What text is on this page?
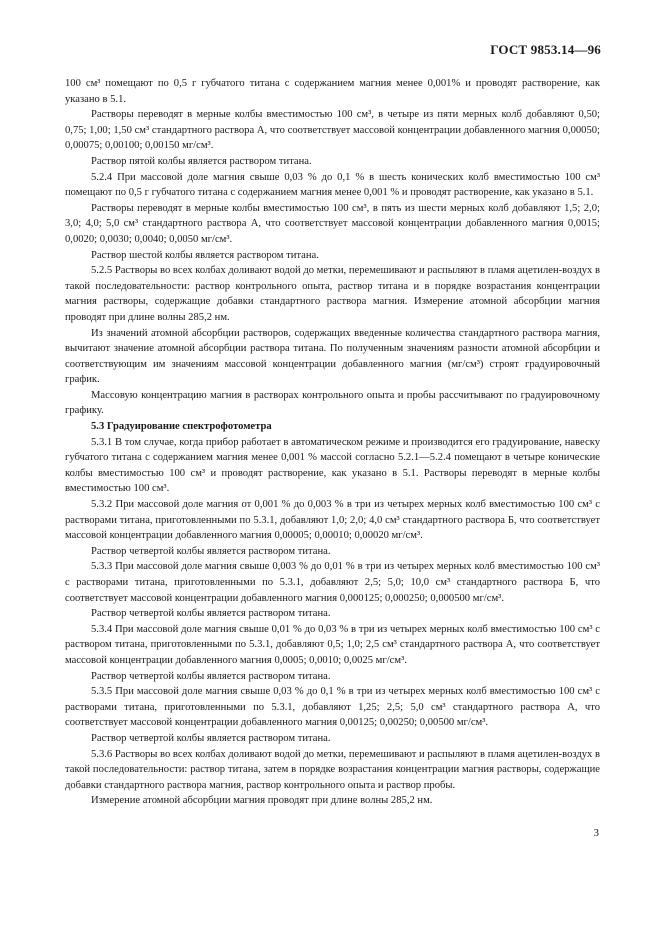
ГОСТ 9853.14—96

100 см³ помещают по 0,5 г губчатого титана с содержанием магния менее 0,001% и проводят растворение, как указано в 5.1.

Растворы переводят в мерные колбы вместимостью 100 см³, в четыре из пяти мерных колб добавляют 0,50; 0,75; 1,00; 1,50 см³ стандартного раствора А, что соответствует массовой концентрации добавленного магния 0,00050; 0,00075; 0,00100; 0,00150 мг/см³.

Раствор пятой колбы является раствором титана.

5.2.4 При массовой доле магния свыше 0,03 % до 0,1 % в шесть конических колб вместимостью 100 см³ помещают по 0,5 г губчатого титана с содержанием магния менее 0,001 % и проводят растворение, как указано в 5.1.

Растворы переводят в мерные колбы вместимостью 100 см³, в пять из шести мерных колб добавляют 1,5; 2,0; 3,0; 4,0; 5,0 см³ стандартного раствора А, что соответствует массовой концентрации добавленного магния 0,0015; 0,0020; 0,0030; 0,0040; 0,0050 мг/см³.

Раствор шестой колбы является раствором титана.

5.2.5 Растворы во всех колбах доливают водой до метки, перемешивают и распыляют в пламя ацетилен-воздух в такой последовательности: раствор контрольного опыта, раствор титана и в порядке возрастания концентрации магния растворы, содержащие добавки стандартного раствора магния. Измерение атомной абсорбции магния проводят при длине волны 285,2 нм.

Из значений атомной абсорбции растворов, содержащих введенные количества стандартного раствора магния, вычитают значение атомной абсорбции раствора титана. По полученным значениям разности атомной абсорбции и соответствующим им значениям массовой концентрации добавленного магния (мг/см³) строят градуировочный график.

Массовую концентрацию магния в растворах контрольного опыта и пробы рассчитывают по градуировочному графику.

5.3 Градуирование спектрофотометра

5.3.1 В том случае, когда прибор работает в автоматическом режиме и производится его градуирование, навеску губчатого титана с содержанием магния менее 0,001 % массой согласно 5.2.1—5.2.4 помещают в четыре конические колбы вместимостью 100 см³ и проводят растворение, как указано в 5.1. Растворы переводят в мерные колбы вместимостью 100 см³.

5.3.2 При массовой доле магния от 0,001 % до 0,003 % в три из четырех мерных колб вместимостью 100 см³ с растворами титана, приготовленными по 5.3.1, добавляют 1,0; 2,0; 4,0 см³ стандартного раствора Б, что соответствует массовой концентрации добавленного магния 0,00005; 0,00010; 0,00020 мг/см³.

Раствор четвертой колбы является раствором титана.

5.3.3 При массовой доле магния свыше 0,003 % до 0,01 % в три из четырех мерных колб вместимостью 100 см³ с растворами титана, приготовленными по 5.3.1, добавляют 2,5; 5,0; 10,0 см³ стандартного раствора Б, что соответствует массовой концентрации добавленного магния 0,000125; 0,000250; 0,000500 мг/см³.

Раствор четвертой колбы является раствором титана.

5.3.4 При массовой доле магния свыше 0,01 % до 0,03 % в три из четырех мерных колб вместимостью 100 см³ с раствором титана, приготовленными по 5.3.1, добавляют 0,5; 1,0; 2,5 см³ стандартного раствора А, что соответствует массовой концентрации добавленного магния 0,0005; 0,0010; 0,0025 мг/см³.

Раствор четвертой колбы является раствором титана.

5.3.5 При массовой доле магния свыше 0,03 % до 0,1 % в три из четырех мерных колб вместимостью 100 см³ с растворами титана, приготовленными по 5.3.1, добавляют 1,25; 2,5; 5,0 см³ стандартного раствора А, что соответствует массовой концентрации добавленного магния 0,00125; 0,00250; 0,00500 мг/см³.

Раствор четвертой колбы является раствором титана.

5.3.6 Растворы во всех колбах доливают водой до метки, перемешивают и распыляют в пламя ацетилен-воздух в такой последовательности: раствор титана, затем в порядке возрастания концентрации магния растворы, содержащие добавки стандартного раствора магния, раствор контрольного опыта и раствор пробы.

Измерение атомной абсорбции магния проводят при длине волны 285,2 нм.

3
